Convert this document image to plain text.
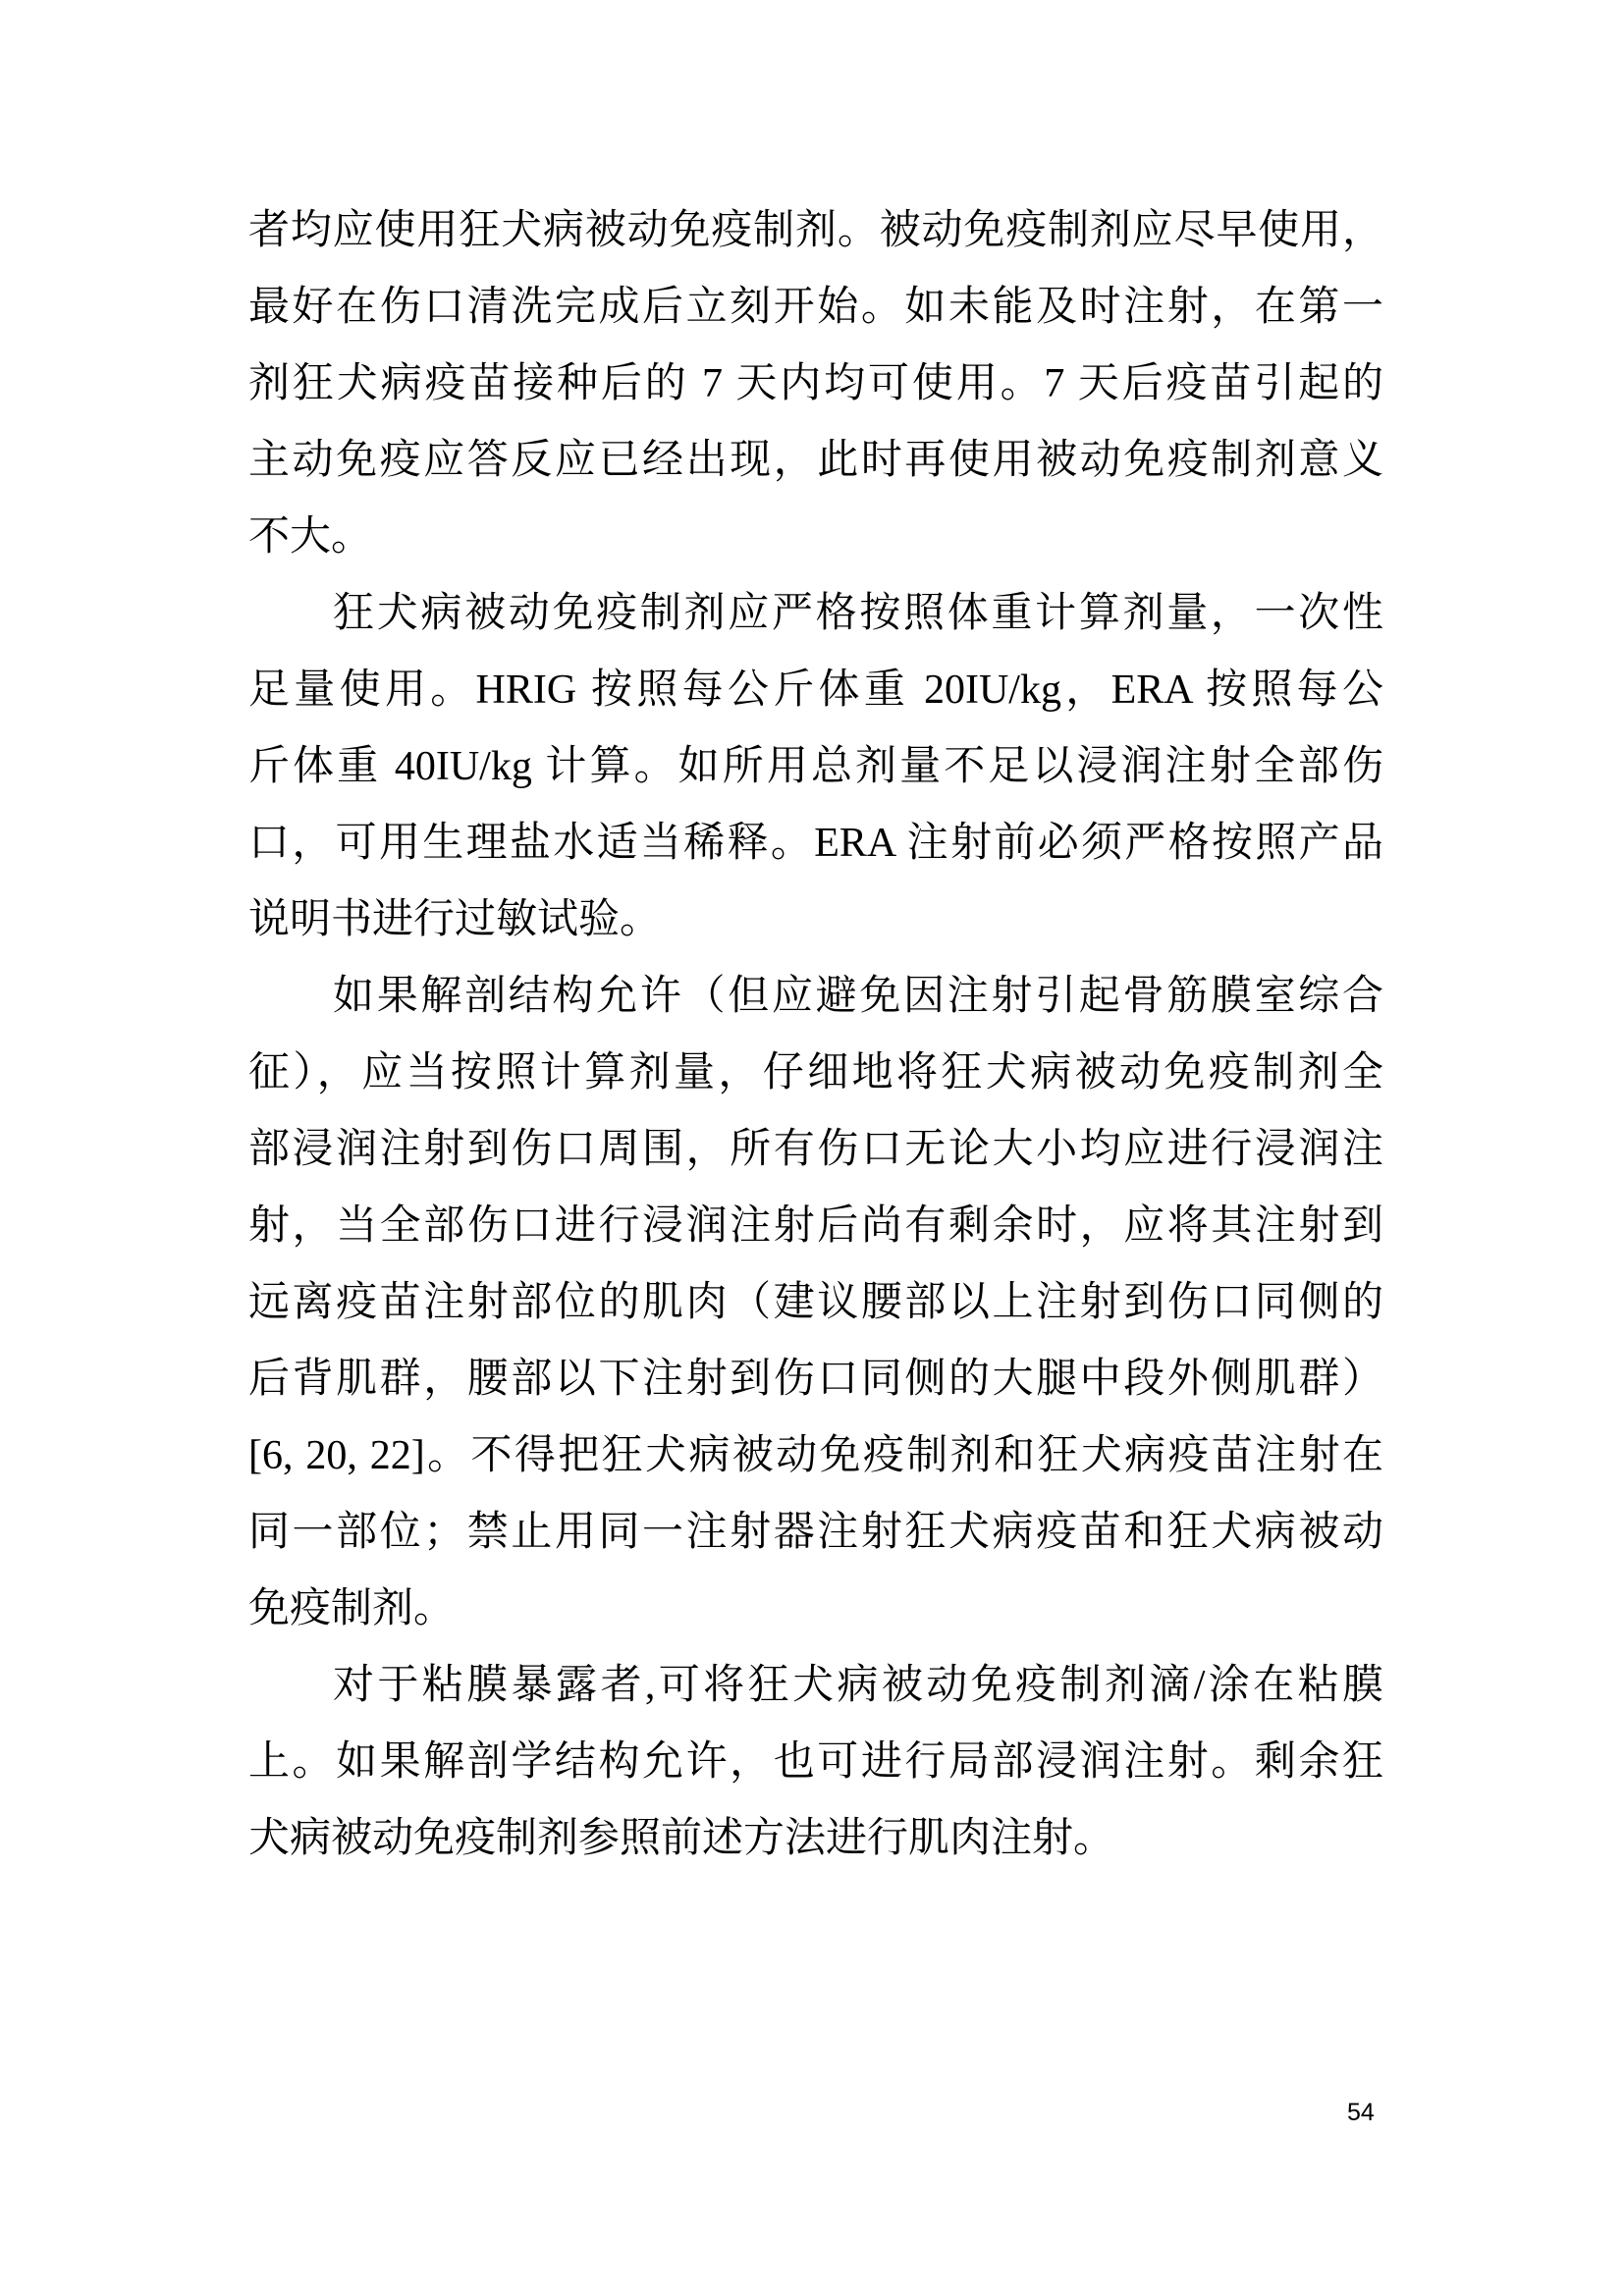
者均应使用狂犬病被动免疫制剂。被动免疫制剂应尽早使用，
最好在伤口清洗完成后立刻开始。如未能及时注射，在第一
剂狂犬病疫苗接种后的 7 天内均可使用。7 天后疫苗引起的
主动免疫应答反应已经出现，此时再使用被动免疫制剂意义
不大。
狂犬病被动免疫制剂应严格按照体重计算剂量，一次性
足量使用。HRIG 按照每公斤体重 20IU/kg，ERA 按照每公
斤体重 40IU/kg 计算。如所用总剂量不足以浸润注射全部伤
口，可用生理盐水适当稀释。ERA 注射前必须严格按照产品
说明书进行过敏试验。
如果解剖结构允许（但应避免因注射引起骨筋膜室综合
征），应当按照计算剂量，仔细地将狂犬病被动免疫制剂全
部浸润注射到伤口周围，所有伤口无论大小均应进行浸润注
射，当全部伤口进行浸润注射后尚有剩余时，应将其注射到
远离疫苗注射部位的肌肉（建议腰部以上注射到伤口同侧的
后背肌群，腰部以下注射到伤口同侧的大腿中段外侧肌群）
[6, 20, 22]。不得把狂犬病被动免疫制剂和狂犬病疫苗注射在
同一部位；禁止用同一注射器注射狂犬病疫苗和狂犬病被动
免疫制剂。
对于粘膜暴露者,可将狂犬病被动免疫制剂滴/涂在粘膜
上。如果解剖学结构允许，也可进行局部浸润注射。剩余狂
犬病被动免疫制剂参照前述方法进行肌肉注射。
54
